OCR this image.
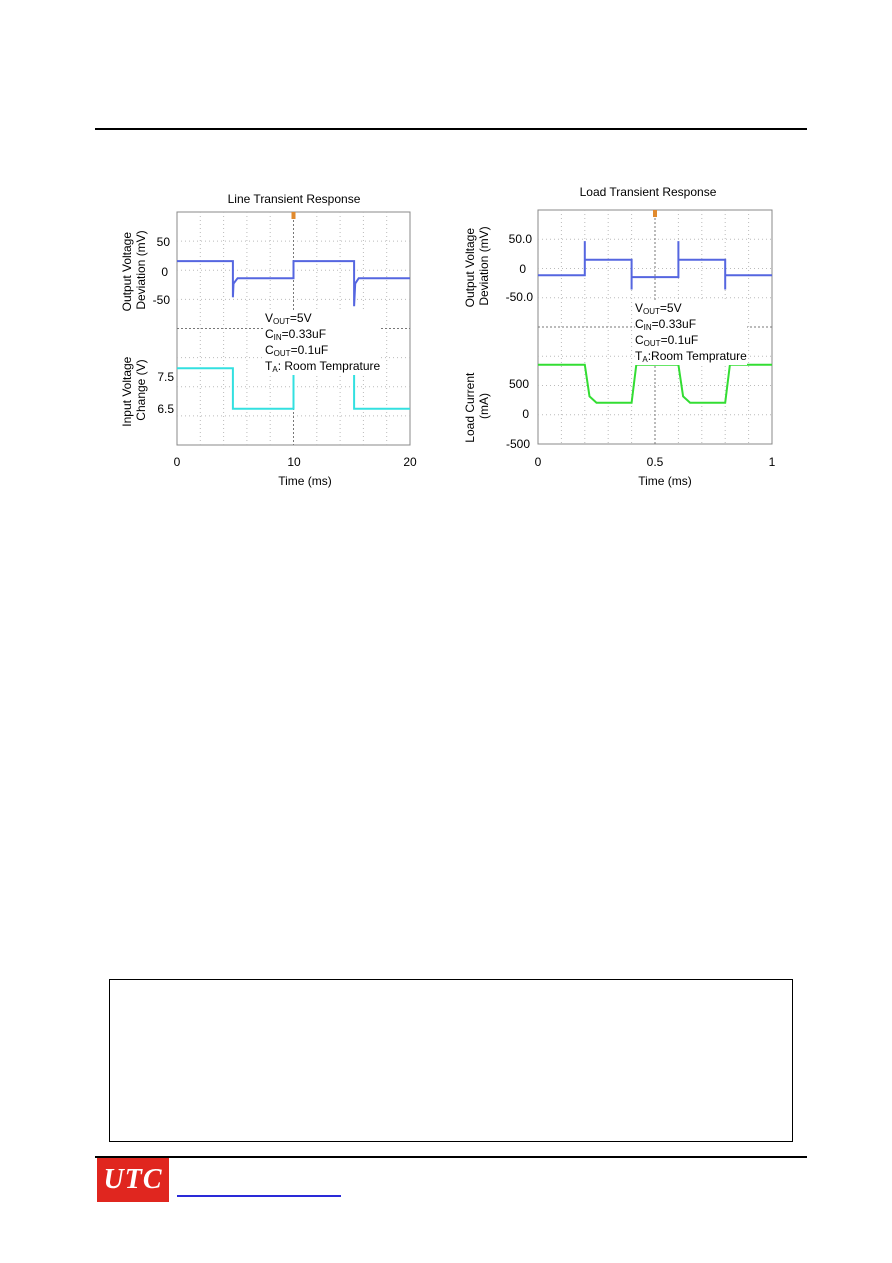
Line Transient Response
0	10	20
Time (ms)
50
0
-50
7.5
6.5
Output Voltage Deviation (mV)
Input Voltage Change (V)
$V_{OUT}=5V$
$C_{IN}=0.33uF$
$C_{OUT}=0.1uF$
$T_A$: Room Temprature
Load Transient Response
0	0.5	1
Time (ms)
50.0
0
-50.0
500
0
-500
Output Voltage Deviation (mV)
Load Current (mA)
$V_{OUT}=5V$
$C_{IN}=0.33uF$
$C_{OUT}=0.1uF$
$T_A:Room$ Temprature
UTC
